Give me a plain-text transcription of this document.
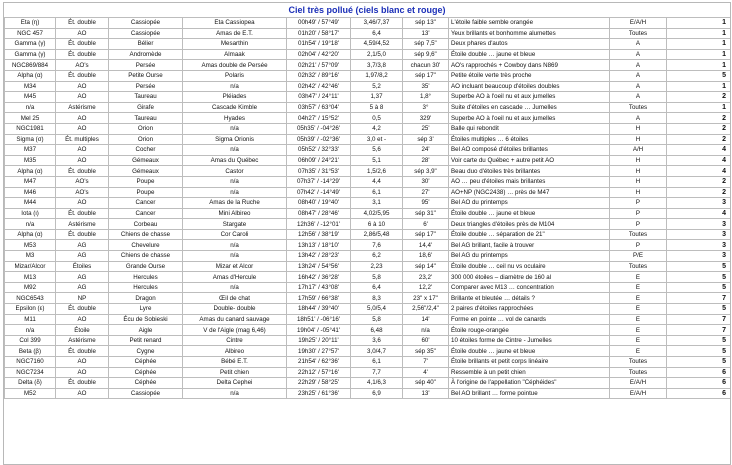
Ciel très pollué (ciels blanc et rouge)
Eta (η)	Ét. double	Cassiopée	Eta Cassiopea	00h49' / 57°49'	3,46/7,37	sép 13"	L'étoile faible semble orangée	E/A/H	1
NGC 457	AO	Cassiopée	Amas de E.T.	01h20' / 58°17'	6,4	13'	Yeux brillants et bonhomme alumettes	Toutes	1
Gamma (γ)	Ét. double	Bélier	Mesarthin	01h54' / 19°18'	4,59/4,52	sép 7,5"	Deux phares d'autos	A	1
Gamma (γ)	Ét. double	Andromède	Almaak	02h04' / 42°20'	2,1/5,0	sép 9,6"	Étoile double … jaune et bleue	A	1
NGC869/884	AO's	Persée	Amas double de Persée	02h21' / 57°09'	3,7/3,8	chacun 30'	AO's rapprochés + Cowboy dans N869	A	1
Alpha (α)	Ét. double	Petite Ourse	Polaris	02h32' / 89°16'	1,97/8,2	sép 17"	Petite étoile verte très proche	A	5
M34	AO	Persée	n/a	02h42' / 42°46'	5,2	35'	AO incluant beaucoup d'étoiles doubles	A	1
M45	AO	Taureau	Pléiades	03h47' / 24°11'	1,37	1,8°	Superbe AO à l'oeil nu et aux jumelles	A	2
n/a	Astérisme	Girafe	Cascade Kimble	03h57' / 63°04'	5 à 8	3°	Suite d'étoiles en cascade … Jumelles	Toutes	1
Mel 25	AO	Taureau	Hyades	04h27' / 15°52'	0,5	329'	Superbe AO à l'oeil nu et aux jumelles	A	2
NGC1981	AO	Orion	n/a	05h35' / -04°26'	4,2	25'	Balle qui rebondit	H	2
Sigma (σ)	Ét. multiples	Orion	Sigma Orionis	05h39' / -02°36'	3,0 et -	sép 3'	Étoiles multiples … 6 étoiles	H	2
M37	AO	Cocher	n/a	05h52' / 32°33'	5,6	24'	Bel AO composé d'étoiles brillantes	A/H	4
M35	AO	Gémeaux	Amas du Québec	06h09' / 24°21'	5,1	28'	Voir carte du Québec + autre petit AO	H	4
Alpha (α)	Ét. double	Gémeaux	Castor	07h35' / 31°53'	1,5/2,6	sép 3,9"	Beau duo d'étoiles très brillantes	H	4
M47	AO's	Poupe	n/a	07h37' / -14°29'	4,4	30'	AO … peu d'étoiles mais brillantes	H	2
M46	AO's	Poupe	n/a	07h42' / -14°49'	6,1	27'	AO+NP (NGC2438) … près de M47	H	2
M44	AO	Cancer	Amas de la Ruche	08h40' / 19°40'	3,1	95'	Bel AO du printemps	P	3
Iota (ι)	Ét. double	Cancer	Mini Albireo	08h47' / 28°46'	4,02/5,95	sép 31"	Étoile double … jaune et bleue	P	4
n/a	Astérisme	Corbeau	Stargate	12h36' / -12°01'	6 à 10	6'	Deux triangles d'étoiles près de M104	P	3
Alpha (α)	Ét. double	Chiens de chasse	Cor Caroli	12h56' / 38°19'	2,86/5,48	sép 17"	Étoile double … séparation de 21"	Toutes	3
M53	AG	Chevelure	n/a	13h13' / 18°10'	7,6	14,4'	Bel AG brillant, facile à trouver	P	3
M3	AG	Chiens de chasse	n/a	13h42' / 28°23'	6,2	18,6'	Bel AG du printemps	P/E	3
Mizar/Alcor	Étoiles	Grande Ourse	Mizar et Alcor	13h24' / 54°56'	2,23	sép 14"	Étoile double … ceil nu vs oculaire	Toutes	5
M13	AG	Hercules	Amas d'Hercule	16h42' / 36°28'	5,8	23,2'	300 000 étoiles – diamètre de 160 al	E	5
M92	AG	Hercules	n/a	17h17' / 43°08'	6,4	12,2'	Comparer avec M13 … concentration	E	5
NGC6543	NP	Dragon	Œil de chat	17h59' / 66°38'	8,3	23" x 17"	Brillante et bleutée … détails ?	E	7
Epsilon (ε)	Ét. double	Lyre	Double- double	18h44' / 39°40'	5,0/5,4	2,56"/2,4"	2 paires d'étoiles rapprochées	E	5
M11	AO	Écu de Sobieski	Amas du canard sauvage	18h51' / -06°16'	5,8	14'	Forme en pointe … vol de canards	E	7
n/a	Étoile	Aigle	V de l'Aigle (mag 6,46)	19h04' / -05°41'	6,48	n/a	Étoile rouge-orangée	E	7
Col 399	Astérisme	Petit renard	Cintre	19h25' / 20°11'	3,6	60'	10 étoiles forme de Cintre - Jumelles	E	5
Beta (β)	Ét. double	Cygne	Albireo	19h30' / 27°57'	3,0/4,7	sép 35"	Étoile double … jaune et bleue	E	5
NGC7160	AO	Céphée	Bébé E.T.	21h54' / 62°36'	6,1	7'	Étoile brillants et petit corps linéaire	Toutes	5
NGC7234	AO	Céphée	Petit chien	22h12' / 57°16'	7,7	4'	Ressemble à un petit chien	Toutes	6
Delta (δ)	Ét. double	Céphée	Delta Cephei	22h29' / 58°25'	4,1/6,3	sép 40"	À l'origine de l'appellation "Céphéides"	E/A/H	6
M52	AO	Cassiopée	n/a	23h25' / 61°36'	6,9	13'	Bel AO brillant … forme pointue	E/A/H	6
